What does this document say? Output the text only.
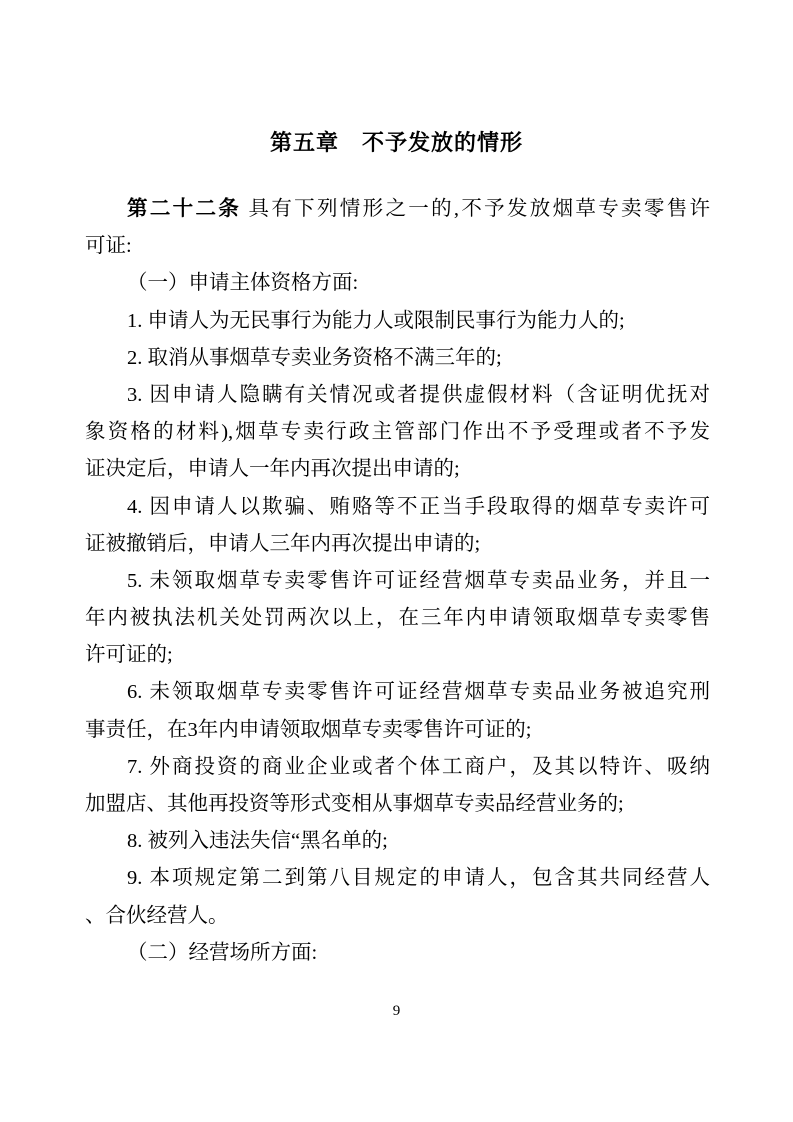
第五章　不予发放的情形
第二十二条 具有下列情形之一的,不予发放烟草专卖零售许
可证:
（一）申请主体资格方面:
1. 申请人为无民事行为能力人或限制民事行为能力人的;
2. 取消从事烟草专卖业务资格不满三年的;
3. 因申请人隐瞒有关情况或者提供虚假材料（含证明优抚对
象资格的材料),烟草专卖行政主管部门作出不予受理或者不予发
证决定后，申请人一年内再次提出申请的;
4. 因申请人以欺骗、贿赂等不正当手段取得的烟草专卖许可
证被撤销后，申请人三年内再次提出申请的;
5. 未领取烟草专卖零售许可证经营烟草专卖品业务，并且一
年内被执法机关处罚两次以上，在三年内申请领取烟草专卖零售
许可证的;
6. 未领取烟草专卖零售许可证经营烟草专卖品业务被追究刑
事责任，在3年内申请领取烟草专卖零售许可证的;
7. 外商投资的商业企业或者个体工商户，及其以特许、吸纳
加盟店、其他再投资等形式变相从事烟草专卖品经营业务的;
8. 被列入违法失信“黑名单的;
9. 本项规定第二到第八目规定的申请人，包含其共同经营人
、合伙经营人。
（二）经营场所方面:
9
